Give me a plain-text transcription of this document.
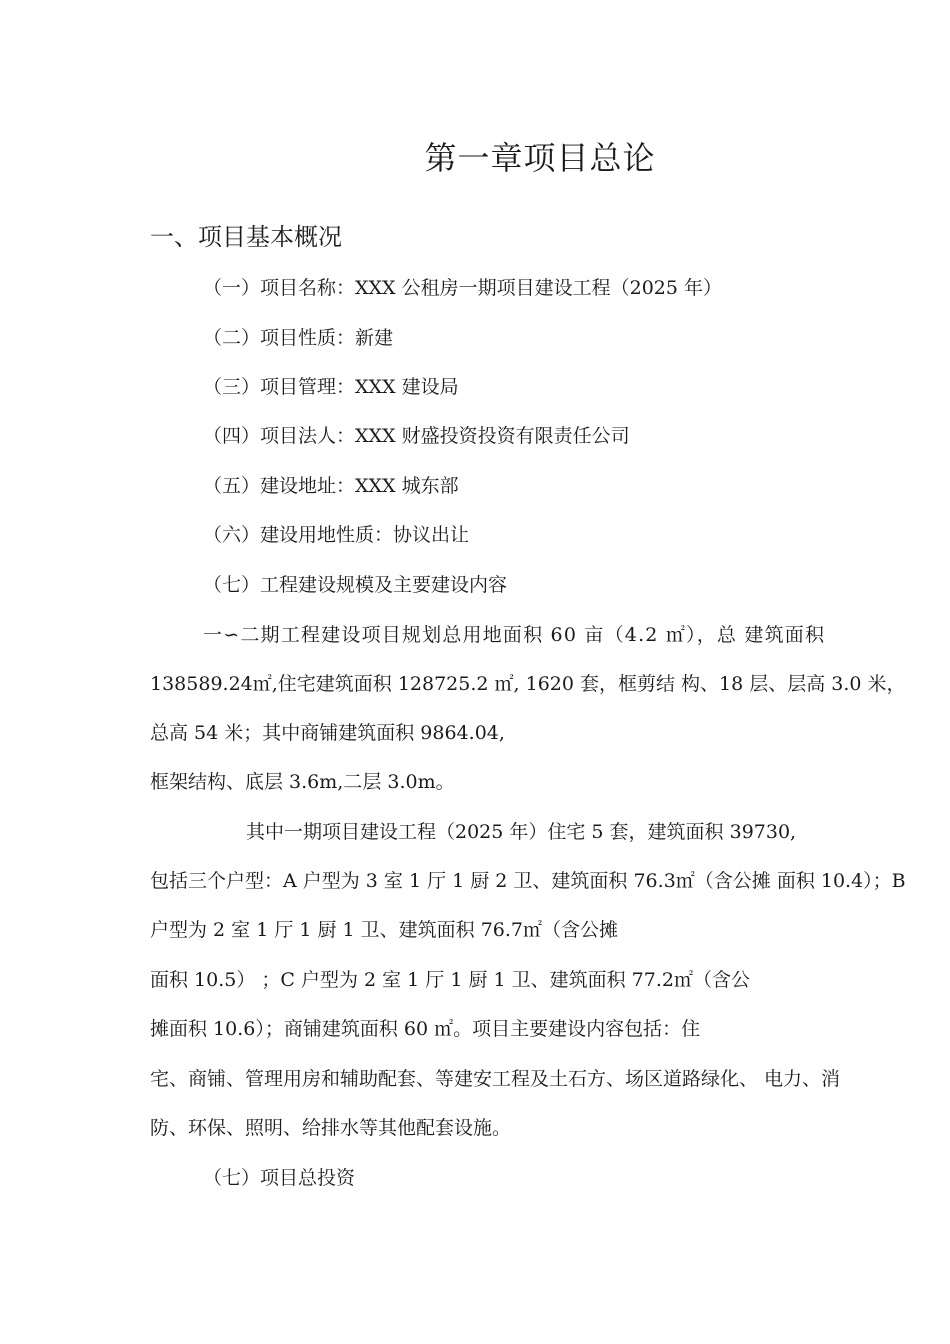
第一章项目总论
一、项目基本概况
（一）项目名称：XXX 公租房一期项目建设工程（2025 年）
（二）项目性质：新建
（三）项目管理：XXX 建设局
（四）项目法人：XXX 财盛投资投资有限责任公司
（五）建设地址：XXX 城东部
（六）建设用地性质：协议出让
（七）工程建设规模及主要建设内容
一∽二期工程建设项目规划总用地面积 60 亩（4.2 ㎡），总 建筑面积
138589.24㎡,住宅建筑面积 128725.2 ㎡, 1620 套，框剪结 构、18 层、层高 3.0 米，
总高 54 米；其中商铺建筑面积 9864.04,
框架结构、底层 3.6m,二层 3.0m。
其中一期项目建设工程（2025 年）住宅 5 套，建筑面积 39730,
包括三个户型：A 户型为 3 室 1 厅 1 厨 2 卫、建筑面积 76.3㎡（含公摊 面积 10.4）；B
户型为 2 室 1 厅 1 厨 1 卫、建筑面积 76.7㎡（含公摊
面积 10.5） ；C 户型为 2 室 1 厅 1 厨 1 卫、建筑面积 77.2㎡（含公
摊面积 10.6）；商铺建筑面积 60 ㎡。项目主要建设内容包括：住
宅、商铺、管理用房和辅助配套、等建安工程及土石方、场区道路绿化、 电力、消
防、环保、照明、给排水等其他配套设施。
（七）项目总投资
